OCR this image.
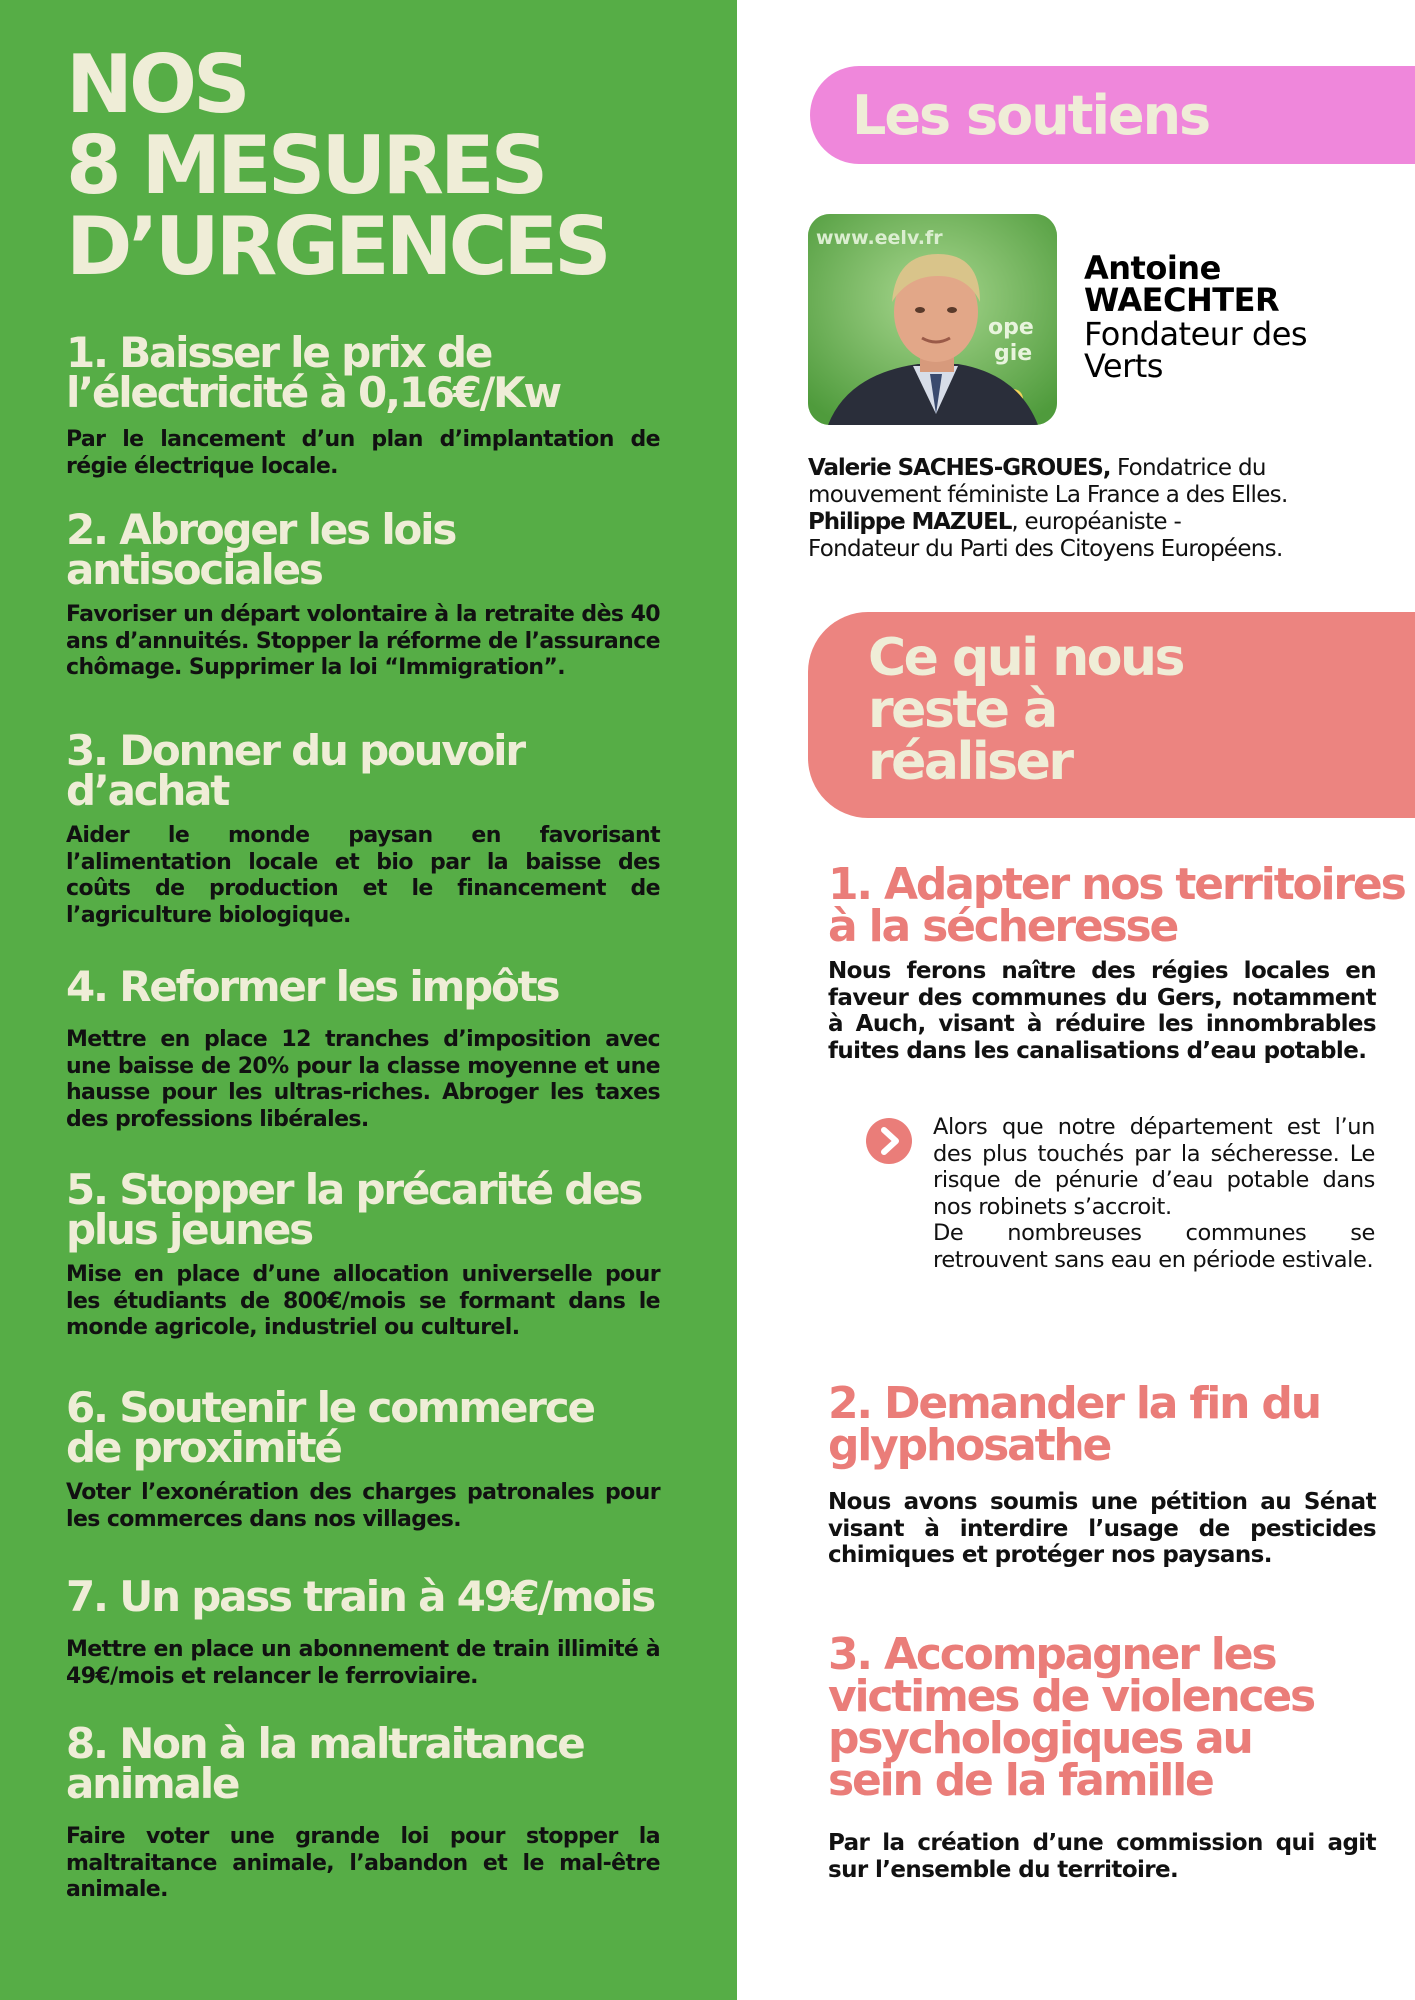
NOS
8 MESURES
D’URGENCES
1. Baisser le prix de l’électricité à 0,16€/Kw

Par le lancement d’un plan d’implantation de régie électrique locale.

2. Abroger les lois antisociales

Favoriser un départ volontaire à la retraite dès 40 ans d’annuités. Stopper la réforme de l’assurance chômage. Supprimer la loi “Immigration”.

3. Donner du pouvoir d’achat

Aider le monde paysan en favorisant l’alimentation locale et bio par la baisse des coûts de production et le financement de l’agriculture biologique.

4. Reformer les impôts

Mettre en place 12 tranches d’imposition avec une baisse de 20% pour la classe moyenne et une hausse pour les ultras-riches. Abroger les taxes des professions libérales.

5. Stopper la précarité des plus jeunes

Mise en place d’une allocation universelle pour les étudiants de 800€/mois se formant dans le monde agricole, industriel ou culturel.

6. Soutenir le commerce de proximité

Voter l’exonération des charges patronales pour les commerces dans nos villages.

7. Un pass train à 49€/mois

Mettre en place un abonnement de train illimité à 49€/mois et relancer le ferroviaire.

8. Non à la maltraitance animale

Faire voter une grande loi pour stopper la maltraitance animale, l’abandon et le mal-être animale.

Les soutiens
www.eelv.fr
ope
gie
Antoine
WAECHTER
Fondateur des
Verts
Valerie SACHES-GROUES, Fondatrice du
mouvement féministe La France a des Elles.
Philippe MAZUEL, européaniste -
Fondateur du Parti des Citoyens Européens.
Ce qui nous
reste à
réaliser
1. Adapter nos territoires
à la sécheresse

Nous ferons naître des régies locales en faveur des communes du Gers, notamment à Auch, visant à réduire les innombrables fuites dans les canalisations d’eau potable.

Alors que notre département est l’un des plus touchés par la sécheresse. Le risque de pénurie d’eau potable dans nos robinets s’accroit.
De nombreuses communes se retrouvent sans eau en période estivale.

2. Demander la fin du
glyphosathe

Nous avons soumis une pétition au Sénat visant à interdire l’usage de pesticides chimiques et protéger nos paysans.

3. Accompagner les
victimes de violences
psychologiques au
sein de la famille

Par la création d’une commission qui agit sur l’ensemble du territoire.
